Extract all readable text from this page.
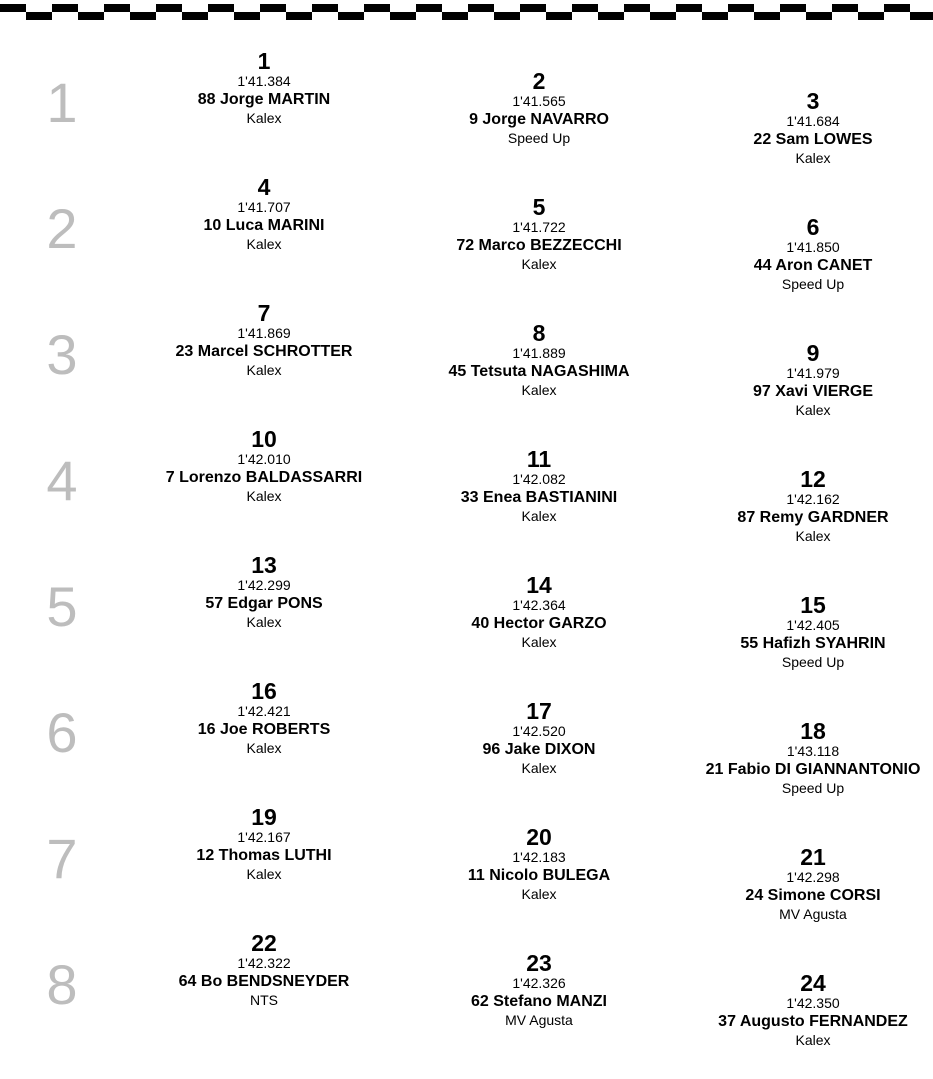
1
2
3
4
5
6
7
8
1
1'41.384
88 Jorge MARTIN
Kalex
2
1'41.565
9 Jorge NAVARRO
Speed Up
3
1'41.684
22 Sam LOWES
Kalex
4
1'41.707
10 Luca MARINI
Kalex
5
1'41.722
72 Marco BEZZECCHI
Kalex
6
1'41.850
44 Aron CANET
Speed Up
7
1'41.869
23 Marcel SCHROTTER
Kalex
8
1'41.889
45 Tetsuta NAGASHIMA
Kalex
9
1'41.979
97 Xavi VIERGE
Kalex
10
1'42.010
7 Lorenzo BALDASSARRI
Kalex
11
1'42.082
33 Enea BASTIANINI
Kalex
12
1'42.162
87 Remy GARDNER
Kalex
13
1'42.299
57 Edgar PONS
Kalex
14
1'42.364
40 Hector GARZO
Kalex
15
1'42.405
55 Hafizh SYAHRIN
Speed Up
16
1'42.421
16 Joe ROBERTS
Kalex
17
1'42.520
96 Jake DIXON
Kalex
18
1'43.118
21 Fabio DI GIANNANTONIO
Speed Up
19
1'42.167
12 Thomas LUTHI
Kalex
20
1'42.183
11 Nicolo BULEGA
Kalex
21
1'42.298
24 Simone CORSI
MV Agusta
22
1'42.322
64 Bo BENDSNEYDER
NTS
23
1'42.326
62 Stefano MANZI
MV Agusta
24
1'42.350
37 Augusto FERNANDEZ
Kalex
